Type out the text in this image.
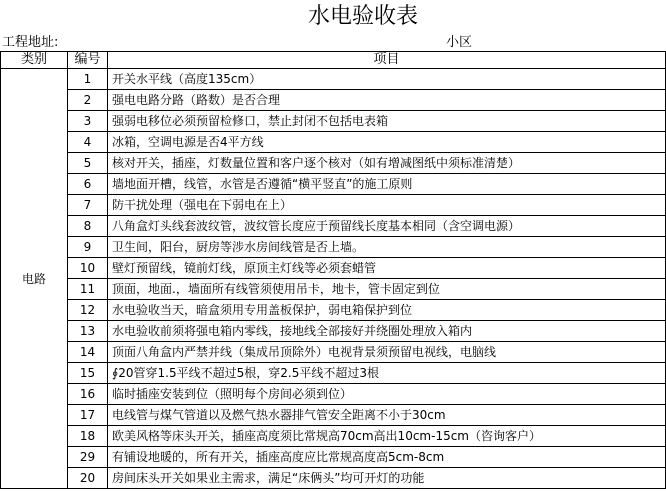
水电验收表
工程地址:	小区
类别	编号	项目
电路	1	开关水平线（高度135cm）
	2	强电电路分路（路数）是否合理
	3	强弱电移位必须预留检修口，禁止封闭不包括电表箱
	4	冰箱，空调电源是否4平方线
	5	核对开关，插座，灯数量位置和客户逐个核对（如有增减图纸中须标准清楚）
	6	墙地面开槽，线管，水管是否遵循“横平竖直”的施工原则
	7	防干扰处理（强电在下弱电在上）
	8	八角盒灯头线套波纹管，波纹管长度应于预留线长度基本相同（含空调电源）
	9	卫生间，阳台，厨房等涉水房间线管是否上墙。
	10	壁灯预留线，镜前灯线，原顶主灯线等必须套蜡管
	11	顶面，地面.，墙面所有线管须使用吊卡，地卡，管卡固定到位
	12	水电验收当天，暗盒须用专用盖板保护，弱电箱保护到位
	13	水电验收前须将强电箱内零线，接地线全部接好并绕圈处理放入箱内
	14	顶面八角盒内严禁并线（集成吊顶除外）电视背景须预留电视线，电脑线
	15	∮20管穿1.5平线不超过5根，穿2.5平线不超过3根
	16	临时插座安装到位（照明每个房间必须到位）
	17	电线管与煤气管道以及燃气热水器排气管安全距离不小于30cm
	18	欧美风格等床头开关，插座高度须比常规高70cm高出10cm-15cm（咨询客户）
	29	有铺设地暖的，所有开关，插座高度应比常规高度高5cm-8cm
	20	房间床头开关如果业主需求，满足“床俩头”均可开灯的功能
